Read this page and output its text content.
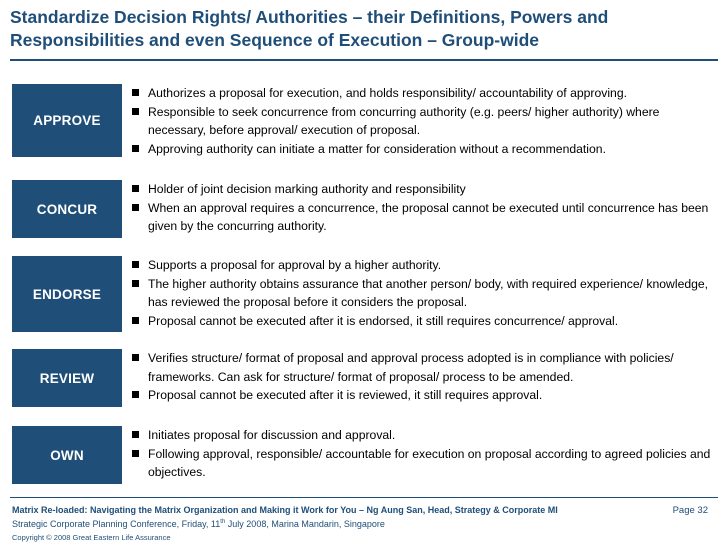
Standardize Decision Rights/ Authorities – their Definitions, Powers and Responsibilities and even Sequence of Execution – Group-wide
APPROVE
Authorizes a proposal for execution, and holds responsibility/ accountability of approving.
Responsible to seek concurrence from concurring authority (e.g. peers/ higher authority) where necessary, before approval/ execution of proposal.
Approving authority can initiate a matter for consideration without a recommendation.
CONCUR
Holder of joint decision marking authority and responsibility
When an approval requires a concurrence, the proposal cannot be executed until concurrence has been given by the concurring authority.
ENDORSE
Supports a proposal for approval by a higher authority.
The higher authority obtains assurance that another person/ body, with required experience/ knowledge, has reviewed the proposal before it considers the proposal.
Proposal cannot be executed after it is endorsed, it still requires concurrence/ approval.
REVIEW
Verifies structure/ format of proposal and approval process adopted is in compliance with policies/ frameworks. Can ask for structure/ format of proposal/ process to be amended.
Proposal cannot be executed after it is reviewed, it still requires approval.
OWN
Initiates proposal for discussion and approval.
Following approval, responsible/ accountable for execution on proposal according to agreed policies and objectives.
Matrix Re-loaded: Navigating the Matrix Organization and Making it Work for You – Ng Aung San, Head, Strategy & Corporate MI
Strategic Corporate Planning Conference, Friday, 11th July 2008, Marina Mandarin, Singapore
Copyright © 2008 Great Eastern Life Assurance
Page 32
